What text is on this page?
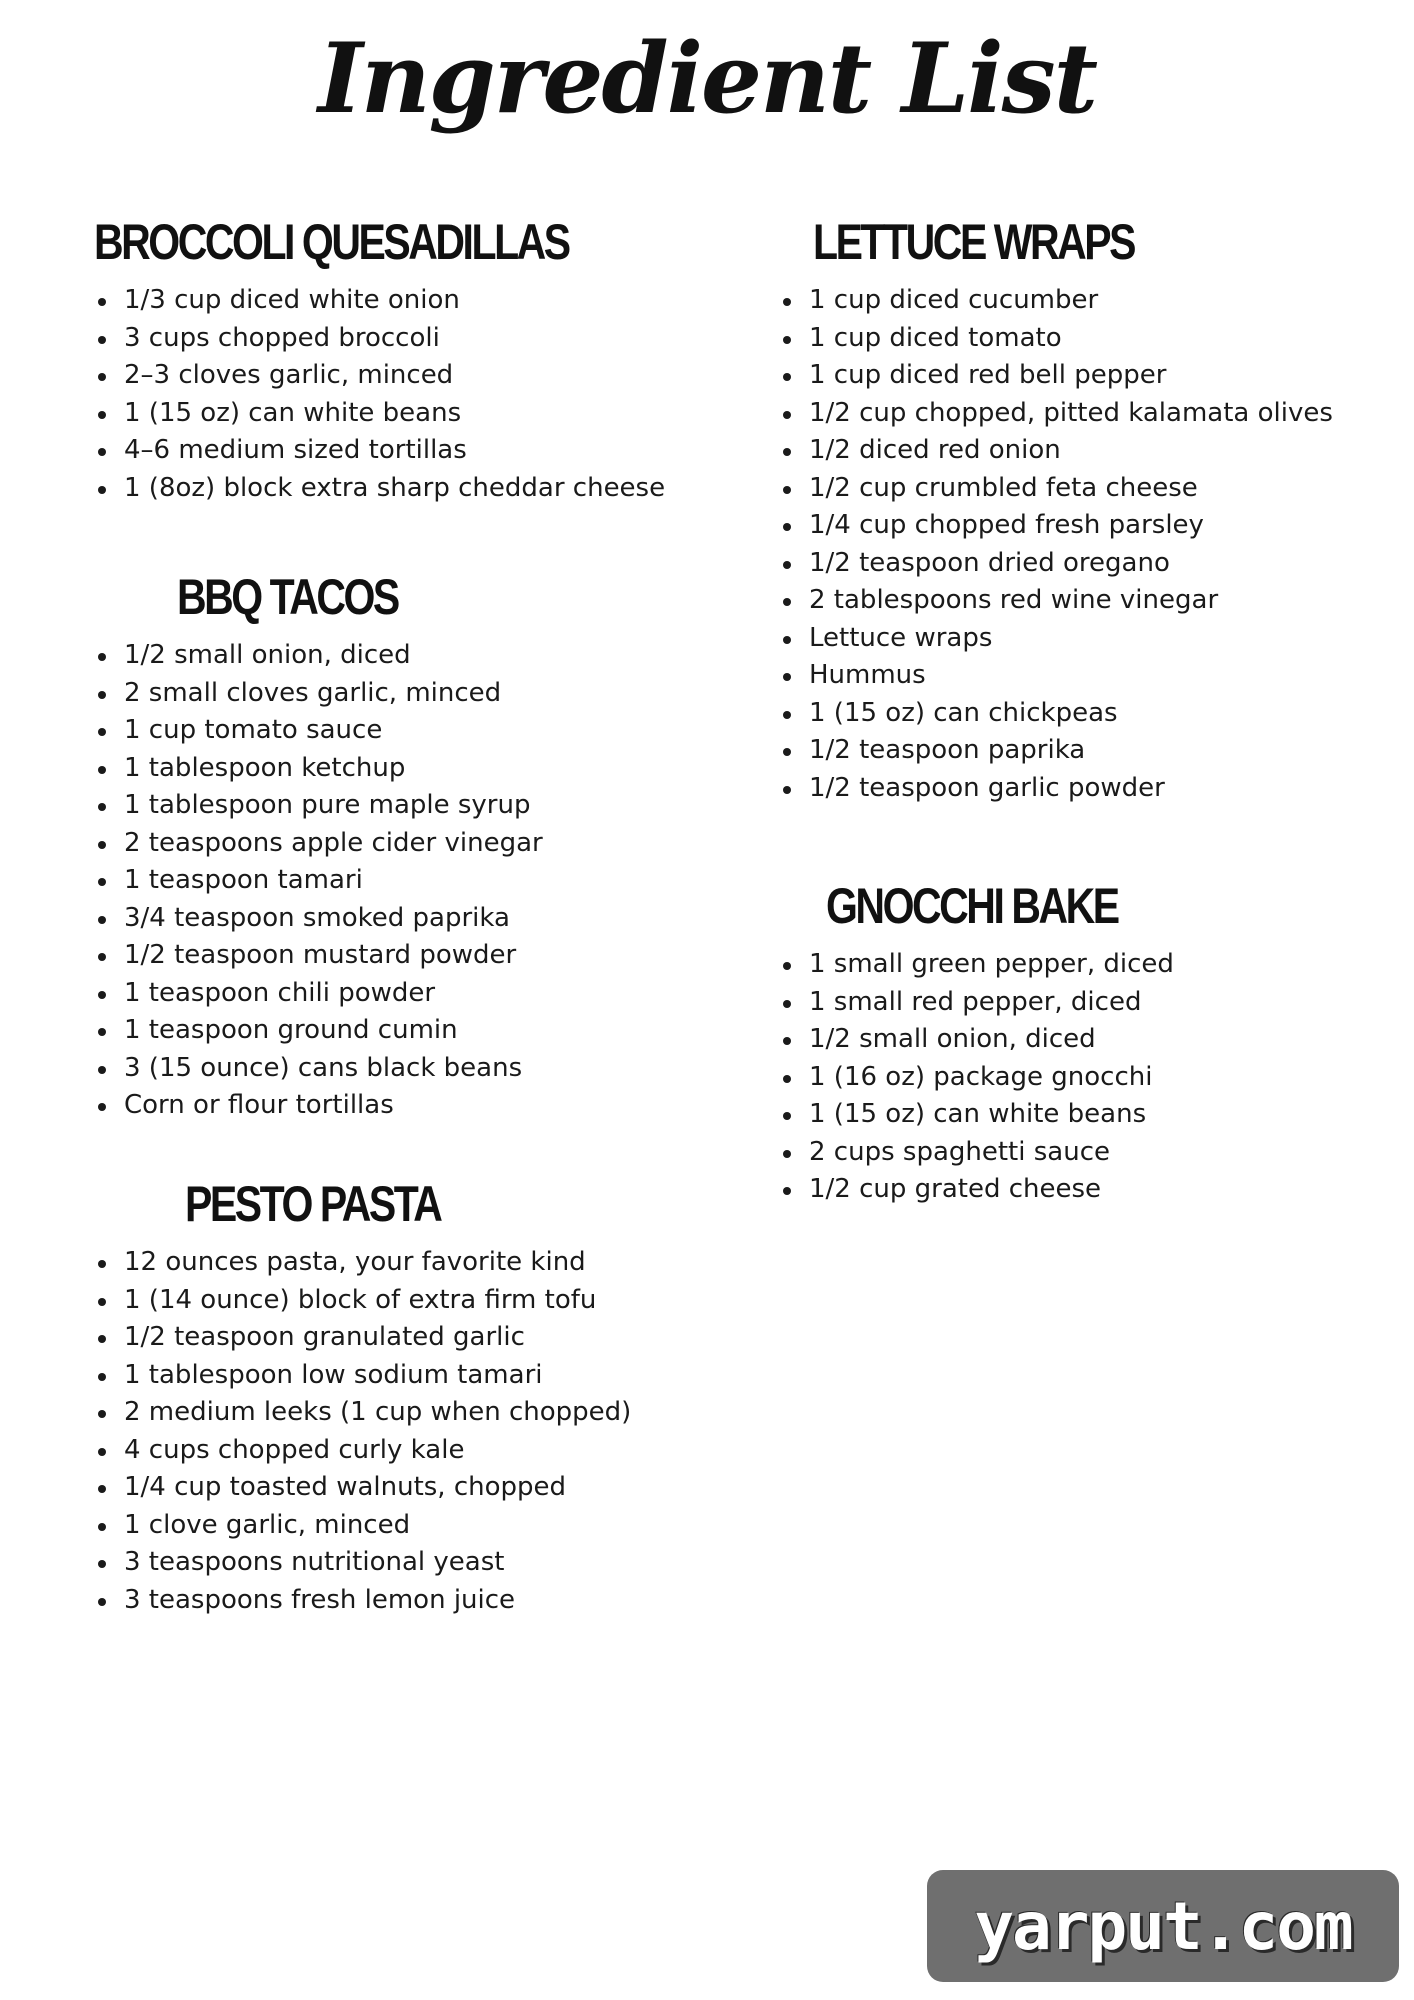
Ingredient List
BROCCOLI QUESADILLAS
1/3 cup diced white onion
3 cups chopped broccoli
2–3 cloves garlic, minced
1 (15 oz) can white beans
4–6 medium sized tortillas
1 (8oz) block extra sharp cheddar cheese
BBQ TACOS
1/2 small onion, diced
2 small cloves garlic, minced
1 cup tomato sauce
1 tablespoon ketchup
1 tablespoon pure maple syrup
2 teaspoons apple cider vinegar
1 teaspoon tamari
3/4 teaspoon smoked paprika
1/2 teaspoon mustard powder
1 teaspoon chili powder
1 teaspoon ground cumin
3 (15 ounce) cans black beans
Corn or flour tortillas
PESTO PASTA
12 ounces pasta, your favorite kind
1 (14 ounce) block of extra firm tofu
1/2 teaspoon granulated garlic
1 tablespoon low sodium tamari
2 medium leeks (1 cup when chopped)
4 cups chopped curly kale
1/4 cup toasted walnuts, chopped
1 clove garlic, minced
3 teaspoons nutritional yeast
3 teaspoons fresh lemon juice
LETTUCE WRAPS
1 cup diced cucumber
1 cup diced tomato
1 cup diced red bell pepper
1/2 cup chopped, pitted kalamata olives
1/2 diced red onion
1/2 cup crumbled feta cheese
1/4 cup chopped fresh parsley
1/2 teaspoon dried oregano
2 tablespoons red wine vinegar
Lettuce wraps
Hummus
1 (15 oz) can chickpeas
1/2 teaspoon paprika
1/2 teaspoon garlic powder
GNOCCHI BAKE
1 small green pepper, diced
1 small red pepper, diced
1/2 small onion, diced
1 (16 oz) package gnocchi
1 (15 oz) can white beans
2 cups spaghetti sauce
1/2 cup grated cheese
yarput.com
